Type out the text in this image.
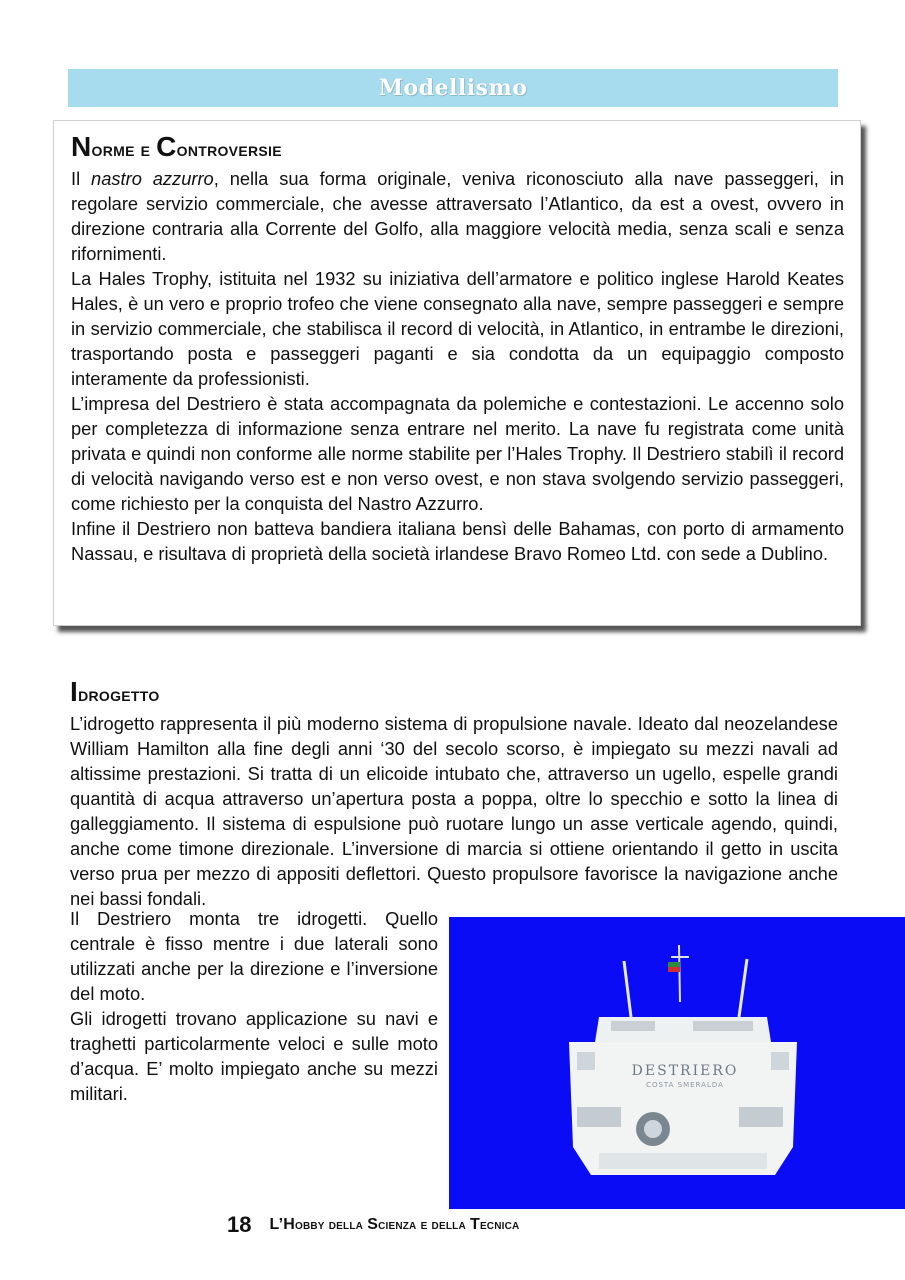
Modellismo
Norme e Controversie

Il nastro azzurro, nella sua forma originale, veniva riconosciuto alla nave passeggeri, in regolare servizio commerciale, che avesse attraversato l’Atlantico, da est a ovest, ovvero in direzione contraria alla Corrente del Golfo, alla maggiore velocità media, senza scali e senza rifornimenti.

La Hales Trophy, istituita nel 1932 su iniziativa dell’armatore e politico inglese Harold Keates Hales, è un vero e proprio trofeo che viene consegnato alla nave, sempre passeggeri e sempre in servizio commerciale, che stabilisca il record di velocità, in Atlantico, in entrambe le direzioni, trasportando posta e passeggeri paganti e sia condotta da un equipaggio composto interamente da professionisti.

L’impresa del Destriero è stata accompagnata da polemiche e contestazioni. Le accenno solo per completezza di informazione senza entrare nel merito. La nave fu registrata come unità privata e quindi non conforme alle norme stabilite per l’Hales Trophy. Il Destriero stabilì il record di velocità navigando verso est e non verso ovest, e non stava svolgendo servizio passeggeri, come richiesto per la conquista del Nastro Azzurro.

Infine il Destriero non batteva bandiera italiana bensì delle Bahamas, con porto di armamento Nassau, e risultava di proprietà della società irlandese Bravo Romeo Ltd. con sede a Dublino.

Idrogetto

L’idrogetto rappresenta il più moderno sistema di propulsione navale. Ideato dal neozelandese William Hamilton alla fine degli anni ‘30 del secolo scorso, è impiegato su mezzi navali ad altissime prestazioni. Si tratta di un elicoide intubato che, attraverso un ugello, espelle grandi quantità di acqua attraverso un’apertura posta a poppa, oltre lo specchio e sotto la linea di galleggiamento. Il sistema di espulsione può ruotare lungo un asse verticale agendo, quindi, anche come timone direzionale. L’inversione di marcia si ottiene orientando il getto in uscita verso prua per mezzo di appositi deflettori. Questo propulsore favorisce la navigazione anche nei bassi fondali.

Il Destriero monta tre idrogetti. Quello centrale è fisso mentre i due laterali sono utilizzati anche per la direzione e l’inversione del moto.

Gli idrogetti trovano applicazione su navi e traghetti particolarmente veloci e sulle moto d’acqua. E’ molto impiegato anche su mezzi militari.

DESTRIERO
COSTA SMERALDA
18 L’Hobby della Scienza e della Tecnica
